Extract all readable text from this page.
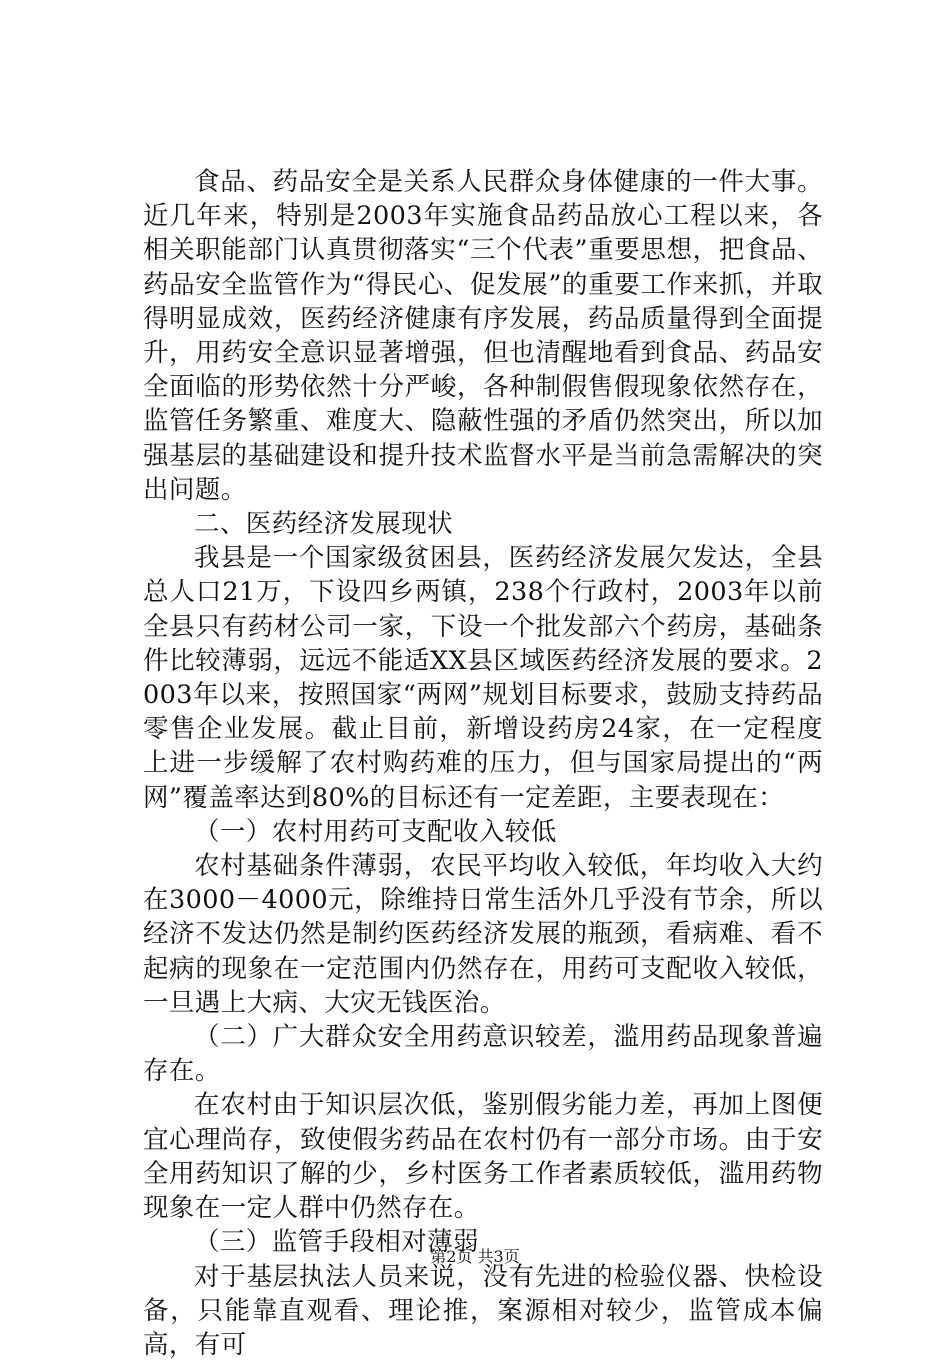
食品、药品安全是关系人民群众身体健康的一件大事。近几年来，特别是2003年实施食品药品放心工程以来，各相关职能部门认真贯彻落实“三个代表”重要思想，把食品、药品安全监管作为“得民心、促发展”的重要工作来抓，并取得明显成效，医药经济健康有序发展，药品质量得到全面提升，用药安全意识显著增强，但也清醒地看到食品、药品安全面临的形势依然十分严峻，各种制假售假现象依然存在，监管任务繁重、难度大、隐蔽性强的矛盾仍然突出，所以加强基层的基础建设和提升技术监督水平是当前急需解决的突出问题。

二、医药经济发展现状

我县是一个国家级贫困县，医药经济发展欠发达，全县总人口21万，下设四乡两镇，238个行政村，2003年以前全县只有药材公司一家，下设一个批发部六个药房，基础条件比较薄弱，远远不能适XX县区域医药经济发展的要求。2003年以来，按照国家“两网”规划目标要求，鼓励支持药品零售企业发展。截止目前，新增设药房24家，在一定程度上进一步缓解了农村购药难的压力，但与国家局提出的“两网”覆盖率达到80%的目标还有一定差距，主要表现在：

（一）农村用药可支配收入较低

农村基础条件薄弱，农民平均收入较低，年均收入大约在3000－4000元，除维持日常生活外几乎没有节余，所以经济不发达仍然是制约医药经济发展的瓶颈，看病难、看不起病的现象在一定范围内仍然存在，用药可支配收入较低，一旦遇上大病、大灾无钱医治。

（二）广大群众安全用药意识较差，滥用药品现象普遍存在。

在农村由于知识层次低，鉴别假劣能力差，再加上图便宜心理尚存，致使假劣药品在农村仍有一部分市场。由于安全用药知识了解的少，乡村医务工作者素质较低，滥用药物现象在一定人群中仍然存在。

（三）监管手段相对薄弱

对于基层执法人员来说，没有先进的检验仪器、快检设备，只能靠直观看、理论推，案源相对较少，监管成本偏高，有可

第2页 共3页
